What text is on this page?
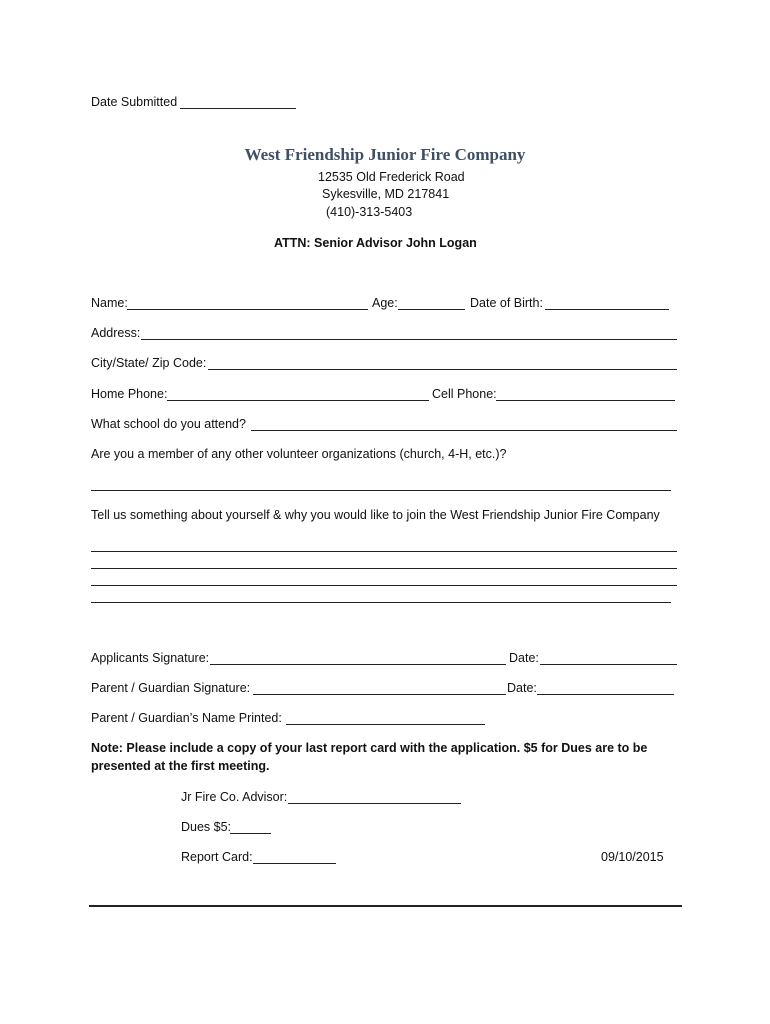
Date Submitted
West Friendship Junior Fire Company
12535 Old Frederick Road
Sykesville, MD 217841
(410)-313-5403
ATTN: Senior Advisor John Logan
Name:	Age:	Date of Birth:
Address:
City/State/ Zip Code:
Home Phone:	Cell Phone:
What school do you attend?
Are you a member of any other volunteer organizations (church, 4-H, etc.)?
Tell us something about yourself & why you would like to join the West Friendship Junior Fire Company
Applicants Signature:	Date:
Parent / Guardian Signature:	Date:
Parent / Guardian’s Name Printed:
Note: Please include a copy of your last report card with the application. $5 for Dues are to be
presented at the first meeting.
Jr Fire Co. Advisor:
Dues $5:
Report Card:	09/10/2015
